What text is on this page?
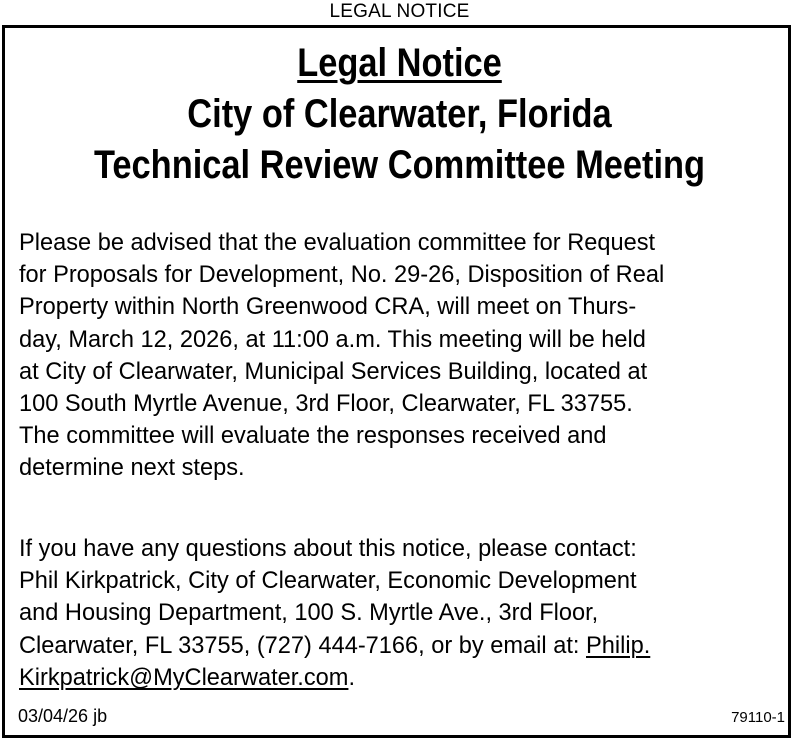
LEGAL NOTICE
Legal Notice
City of Clearwater, Florida
Technical Review Committee Meeting
Please be advised that the evaluation committee for Request
for Proposals for Development, No. 29-26, Disposition of Real
Property within North Greenwood CRA, will meet on Thurs-
day, March 12, 2026, at 11:00 a.m. This meeting will be held
at City of Clearwater, Municipal Services Building, located at
100 South Myrtle Avenue, 3rd Floor, Clearwater, FL 33755.
The committee will evaluate the responses received and
determine next steps.
If you have any questions about this notice, please contact:
Phil Kirkpatrick, City of Clearwater, Economic Development
and Housing Department, 100 S. Myrtle Ave., 3rd Floor,
Clearwater, FL 33755, (727) 444-7166, or by email at: Philip.
Kirkpatrick@MyClearwater.com.
03/04/26 jb	79110-1
